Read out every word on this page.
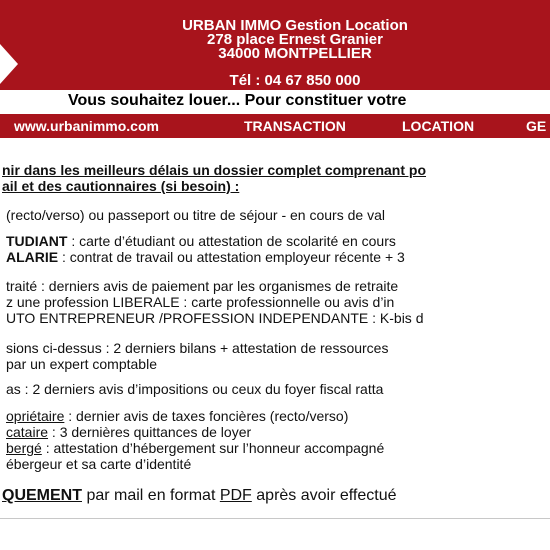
URBAN IMMO Gestion Location
278 place Ernest Granier
34000 MONTPELLIER
Tél : 04 67 850 000
Vous souhaitez louer... Pour constituer votre
www.urbanimmo.com	TRANSACTION	LOCATION	GE
nir dans les meilleurs délais un dossier complet comprenant po
ail et des cautionnaires (si besoin) :
(recto/verso) ou passeport ou titre de séjour - en cours de val
TUDIANT : carte d’étudiant ou attestation de scolarité en cours
ALARIE : contrat de travail ou attestation employeur récente + 3
traité : derniers avis de paiement par les organismes de retraite
z une profession LIBERALE : carte professionnelle ou avis d’in
UTO ENTREPRENEUR /PROFESSION INDEPENDANTE : K-bis d
sions ci-dessus : 2 derniers bilans + attestation de ressources
par un expert comptable
as : 2 derniers avis d’impositions ou ceux du foyer fiscal ratta
opriétaire : dernier avis de taxes foncières (recto/verso)
cataire : 3 dernières quittances de loyer
bergé : attestation d’hébergement sur l’honneur accompagné
ébergeur et sa carte d’identité
QUEMENT par mail en format PDF après avoir effectué
